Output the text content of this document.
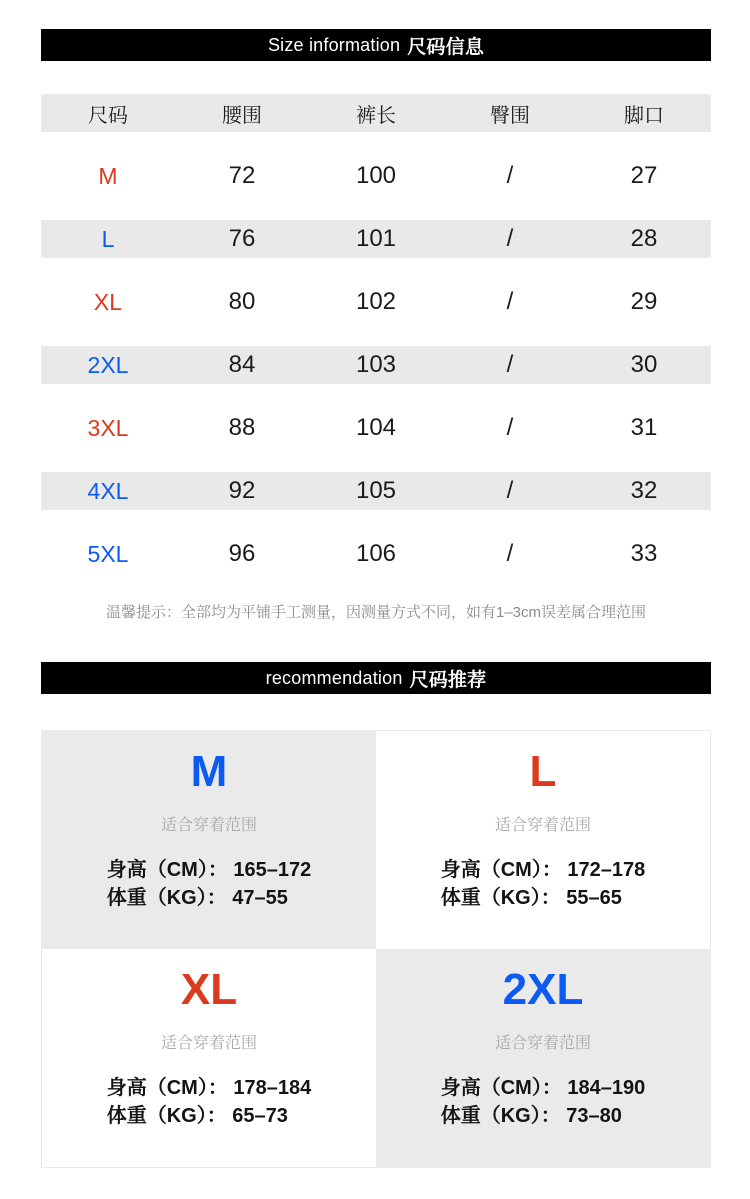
Size information 尺码信息
尺码	腰围	裤长	臀围	脚口
M	72	100	/	27
L	76	101	/	28
XL	80	102	/	29
2XL	84	103	/	30
3XL	88	104	/	31
4XL	92	105	/	32
5XL	96	106	/	33
温馨提示：全部均为平铺手工测量，因测量方式不同，如有1–3cm误差属合理范围
recommendation 尺码推荐
M
适合穿着范围
身高（CM）： 165–172
体重（KG）： 47–55
L
适合穿着范围
身高（CM）： 172–178
体重（KG）： 55–65
XL
适合穿着范围
身高（CM）： 178–184
体重（KG）： 65–73
2XL
适合穿着范围
身高（CM）： 184–190
体重（KG）： 73–80
